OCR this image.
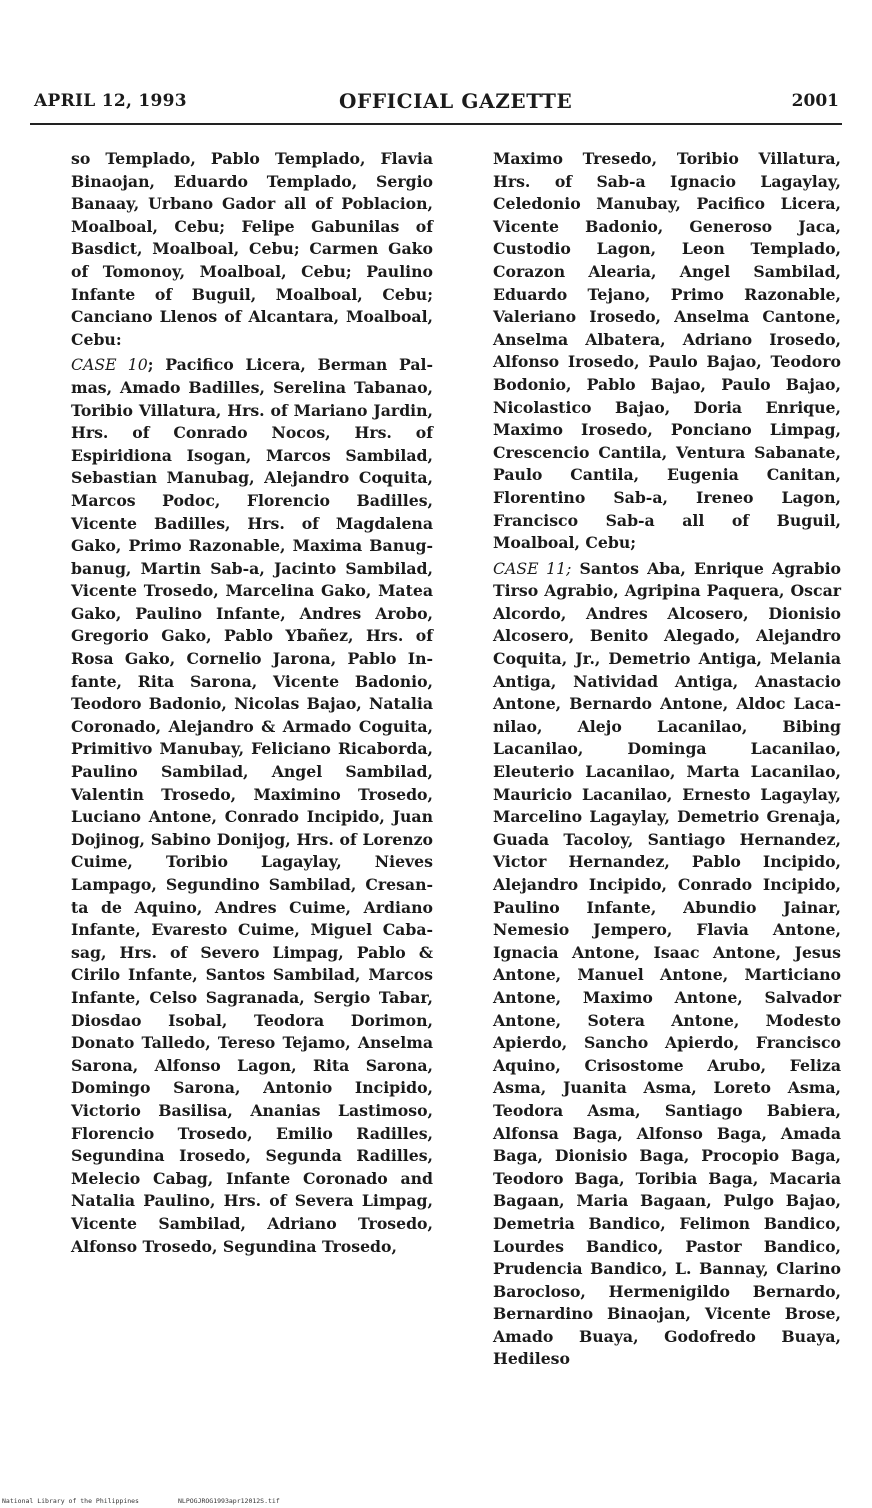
APRIL 12, 1993	OFFICIAL GAZETTE	2001

so Templado, Pablo Templado, Flavia Binaojan, Eduardo Templado, Sergio Banaay, Urbano Gador all of Poblacion, Moalboal, Cebu; Felipe Gabunilas of Basdict, Moalboal, Cebu; Carmen Gako of Tomonoy, Moalboal, Cebu; Paulino Infante of Buguil, Moalboal, Cebu; Canciano Llenos of Alcantara, Moalboal, Cebu:

CASE 10; Pacifico Licera, Berman Palmas, Amado Badilles, Serelina Tabanao, Toribio Villatura, Hrs. of Mariano Jardin, Hrs. of Conrado Nocos, Hrs. of Espiridiona Isogan, Marcos Sambilad, Sebastian Manubag, Alejandro Coquita, Marcos Podoc, Florencio Badilles, Vicente Badilles, Hrs. of Magdalena Gako, Primo Razonable, Maxima Banugbanug, Martin Sab-a, Jacinto Sambilad, Vicente Trosedo, Marcelina Gako, Matea Gako, Paulino Infante, Andres Arobo, Gregorio Gako, Pablo Ybañez, Hrs. of Rosa Gako, Cornelio Jarona, Pablo Infante, Rita Sarona, Vicente Badonio, Teodoro Badonio, Nicolas Bajao, Natalia Coronado, Alejandro & Armado Coguita, Primitivo Manubay, Feliciano Ricaborda, Paulino Sambilad, Angel Sambilad, Valentin Trosedo, Maximino Trosedo, Luciano Antone, Conrado Incipido, Juan Dojinog, Sabino Donijog, Hrs. of Lorenzo Cuime, Toribio Lagaylay, Nieves Lampago, Segundino Sambilad, Cresanta de Aquino, Andres Cuime, Ardiano Infante, Evaresto Cuime, Miguel Cabasag, Hrs. of Severo Limpag, Pablo & Cirilo Infante, Santos Sambilad, Marcos Infante, Celso Sagranada, Sergio Tabar, Diosdao Isobal, Teodora Dorimon, Donato Talledo, Tereso Tejamo, Anselma Sarona, Alfonso Lagon, Rita Sarona, Domingo Sarona, Antonio Incipido, Victorio Basilisa, Ananias Lastimoso, Florencio Trosedo, Emilio Radilles, Segundina Irosedo, Segunda Radilles, Melecio Cabag, Infante Coronado and Natalia Paulino, Hrs. of Severa Limpag, Vicente Sambilad, Adriano Trosedo, Alfonso Trosedo, Segundina Trosedo,

Maximo Tresedo, Toribio Villatura, Hrs. of Sab-a Ignacio Lagaylay, Celedonio Manubay, Pacifico Licera, Vicente Badonio, Generoso Jaca, Custodio Lagon, Leon Templado, Corazon Alearia, Angel Sambilad, Eduardo Tejano, Primo Razonable, Valeriano Irosedo, Anselma Cantone, Anselma Albatera, Adriano Irosedo, Alfonso Irosedo, Paulo Bajao, Teodoro Bodonio, Pablo Bajao, Paulo Bajao, Nicolastico Bajao, Doria Enrique, Maximo Irosedo, Ponciano Limpag, Crescencio Cantila, Ventura Sabanate, Paulo Cantila, Eugenia Canitan, Florentino Sab-a, Ireneo Lagon, Francisco Sab-a all of Buguil, Moalboal, Cebu;

CASE 11; Santos Aba, Enrique Agrabio Tirso Agrabio, Agripina Paquera, Oscar Alcordo, Andres Alcosero, Dionisio Alcosero, Benito Alegado, Alejandro Coquita, Jr., Demetrio Antiga, Melania Antiga, Natividad Antiga, Anastacio Antone, Bernardo Antone, Aldoc Lacanilao, Alejo Lacanilao, Bibing Lacanilao, Dominga Lacanilao, Eleuterio Lacanilao, Marta Lacanilao, Mauricio Lacanilao, Ernesto Lagaylay, Marcelino Lagaylay, Demetrio Grenaja, Guada Tacoloy, Santiago Hernandez, Victor Hernandez, Pablo Incipido, Alejandro Incipido, Conrado Incipido, Paulino Infante, Abundio Jainar, Nemesio Jempero, Flavia Antone, Ignacia Antone, Isaac Antone, Jesus Antone, Manuel Antone, Marticiano Antone, Maximo Antone, Salvador Antone, Sotera Antone, Modesto Apierdo, Sancho Apierdo, Francisco Aquino, Crisostome Arubo, Feliza Asma, Juanita Asma, Loreto Asma, Teodora Asma, Santiago Babiera, Alfonsa Baga, Alfonso Baga, Amada Baga, Dionisio Baga, Procopio Baga, Teodoro Baga, Toribia Baga, Macaria Bagaan, Maria Bagaan, Pulgo Bajao, Demetria Bandico, Felimon Bandico, Lourdes Bandico, Pastor Bandico, Prudencia Bandico, L. Bannay, Clarino Barocloso, Hermenigildo Bernardo, Bernardino Binaojan, Vicente Brose, Amado Buaya, Godofredo Buaya, Hedileso

National Library of the Philippines	NLPOGJROG1993apr12012S.tif
